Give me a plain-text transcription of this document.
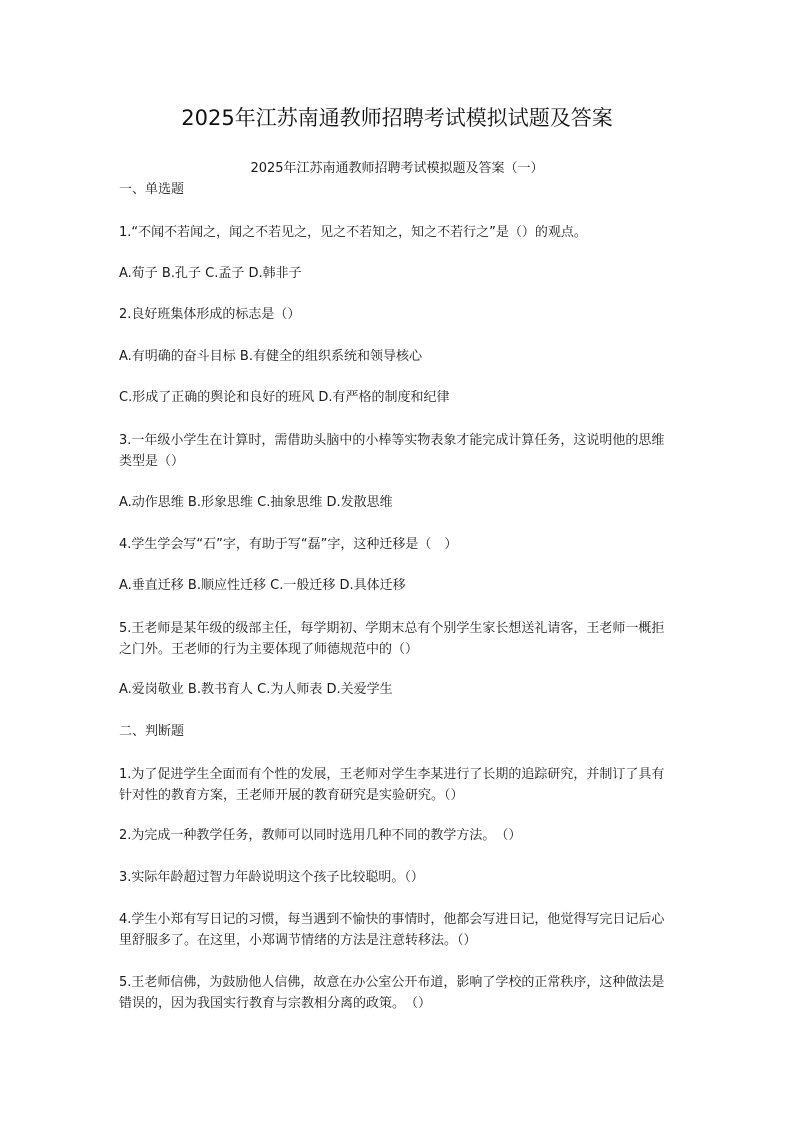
2025年江苏南通教师招聘考试模拟试题及答案
2025年江苏南通教师招聘考试模拟题及答案（一）
一、单选题
1.“不闻不若闻之，闻之不若见之，见之不若知之，知之不若行之”是（）的观点。
A.荀子 B.孔子 C.孟子 D.韩非子
2.良好班集体形成的标志是（）
A.有明确的奋斗目标 B.有健全的组织系统和领导核心
C.形成了正确的舆论和良好的班风 D.有严格的制度和纪律
3.一年级小学生在计算时，需借助头脑中的小棒等实物表象才能完成计算任务，这说明他的思维类型是（）
A.动作思维 B.形象思维 C.抽象思维 D.发散思维
4.学生学会写“石”字，有助于写“磊”字，这种迁移是（　）
A.垂直迁移 B.顺应性迁移 C.一般迁移 D.具体迁移
5.王老师是某年级的级部主任，每学期初、学期末总有个别学生家长想送礼请客，王老师一概拒之门外。王老师的行为主要体现了师德规范中的（）
A.爱岗敬业 B.教书育人 C.为人师表 D.关爱学生
二、判断题
1.为了促进学生全面而有个性的发展，王老师对学生李某进行了长期的追踪研究，并制订了具有针对性的教育方案，王老师开展的教育研究是实验研究。（）
2.为完成一种教学任务，教师可以同时选用几种不同的教学方法。　（）
3.实际年龄超过智力年龄说明这个孩子比较聪明。（）
4.学生小郑有写日记的习惯，每当遇到不愉快的事情时，他都会写进日记，他觉得写完日记后心里舒服多了。在这里，小郑调节情绪的方法是注意转移法。（）
5.王老师信佛，为鼓励他人信佛，故意在办公室公开布道，影响了学校的正常秩序，这种做法是错误的，因为我国实行教育与宗教相分离的政策。　（）
